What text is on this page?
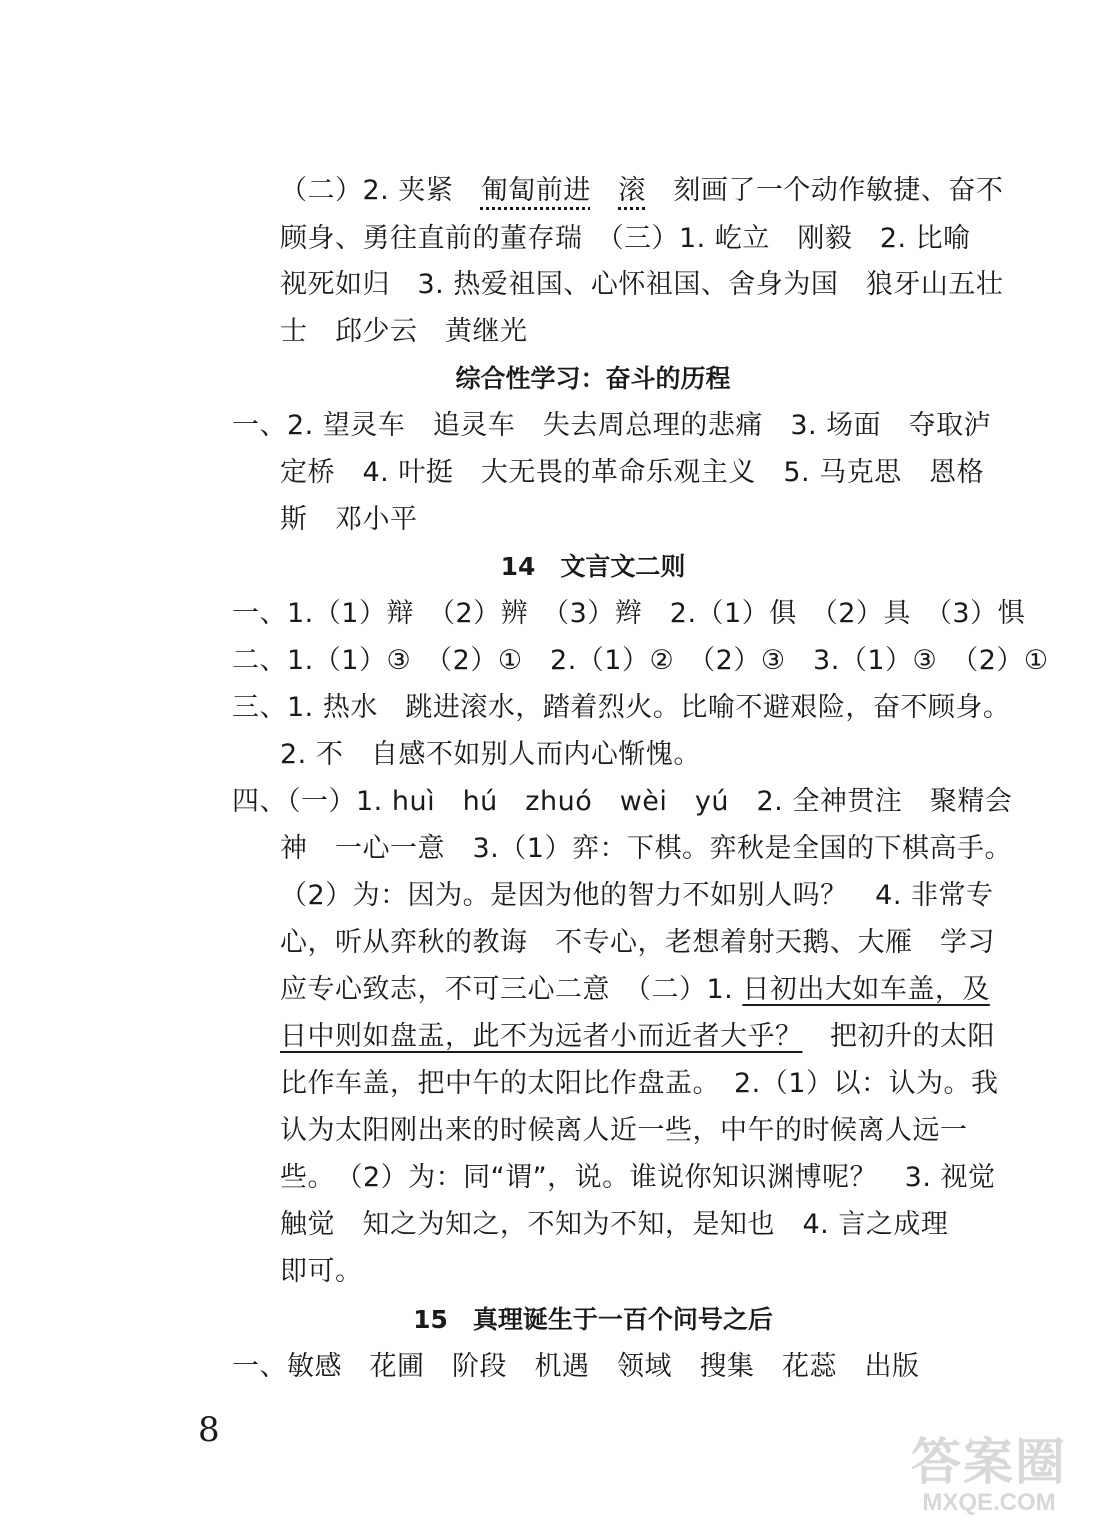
（二）2. 夹紧　匍匐前进　 滚　刻画了一个动作敏捷、奋不
顾身、勇往直前的董存瑞　（三）1. 屹立　刚毅　2. 比喻
视死如归　3. 热爱祖国、心怀祖国、舍身为国　狼牙山五壮
士　邱少云　黄继光
综合性学习：奋斗的历程
一、2. 望灵车　追灵车　失去周总理的悲痛　3. 场面　夺取泸
定桥　4. 叶挺　大无畏的革命乐观主义　5. 马克思　恩格
斯　邓小平
14　文言文二则
一、1.（1）辩　（2）辨　（3）辫　2.（1）俱　（2）具　（3）惧
二、1.（1）③　（2）①　2.（1）②　（2）③　3.（1）③　（2）①
三、1. 热水　跳进滚水，踏着烈火。比喻不避艰险，奋不顾身。
2. 不　自感不如别人而内心惭愧。
四、（一）1. huì　hú　zhuó　wèi　yú　2. 全神贯注　聚精会
神　一心一意　3.（1）弈：下棋。弈秋是全国的下棋高手。
（2）为：因为。是因为他的智力不如别人吗？　4. 非常专
心，听从弈秋的教诲　不专心，老想着射天鹅、大雁　学习
应专心致志，不可三心二意　（二）1. 日初出大如车盖，及
日中则如盘盂，此不为远者小而近者大乎？　把初升的太阳
比作车盖，把中午的太阳比作盘盂。　2.（1）以：认为。我
认为太阳刚出来的时候离人近一些，中午的时候离人远一
些。　（2）为：同“谓”，说。谁说你知识渊博呢？　3. 视觉
触觉　知之为知之，不知为不知，是知也　4. 言之成理
即可。
15　真理诞生于一百个问号之后
一、敏感　花圃　阶段　机遇　领域　搜集　花蕊　出版
8
答案圈
MXQE.COM
